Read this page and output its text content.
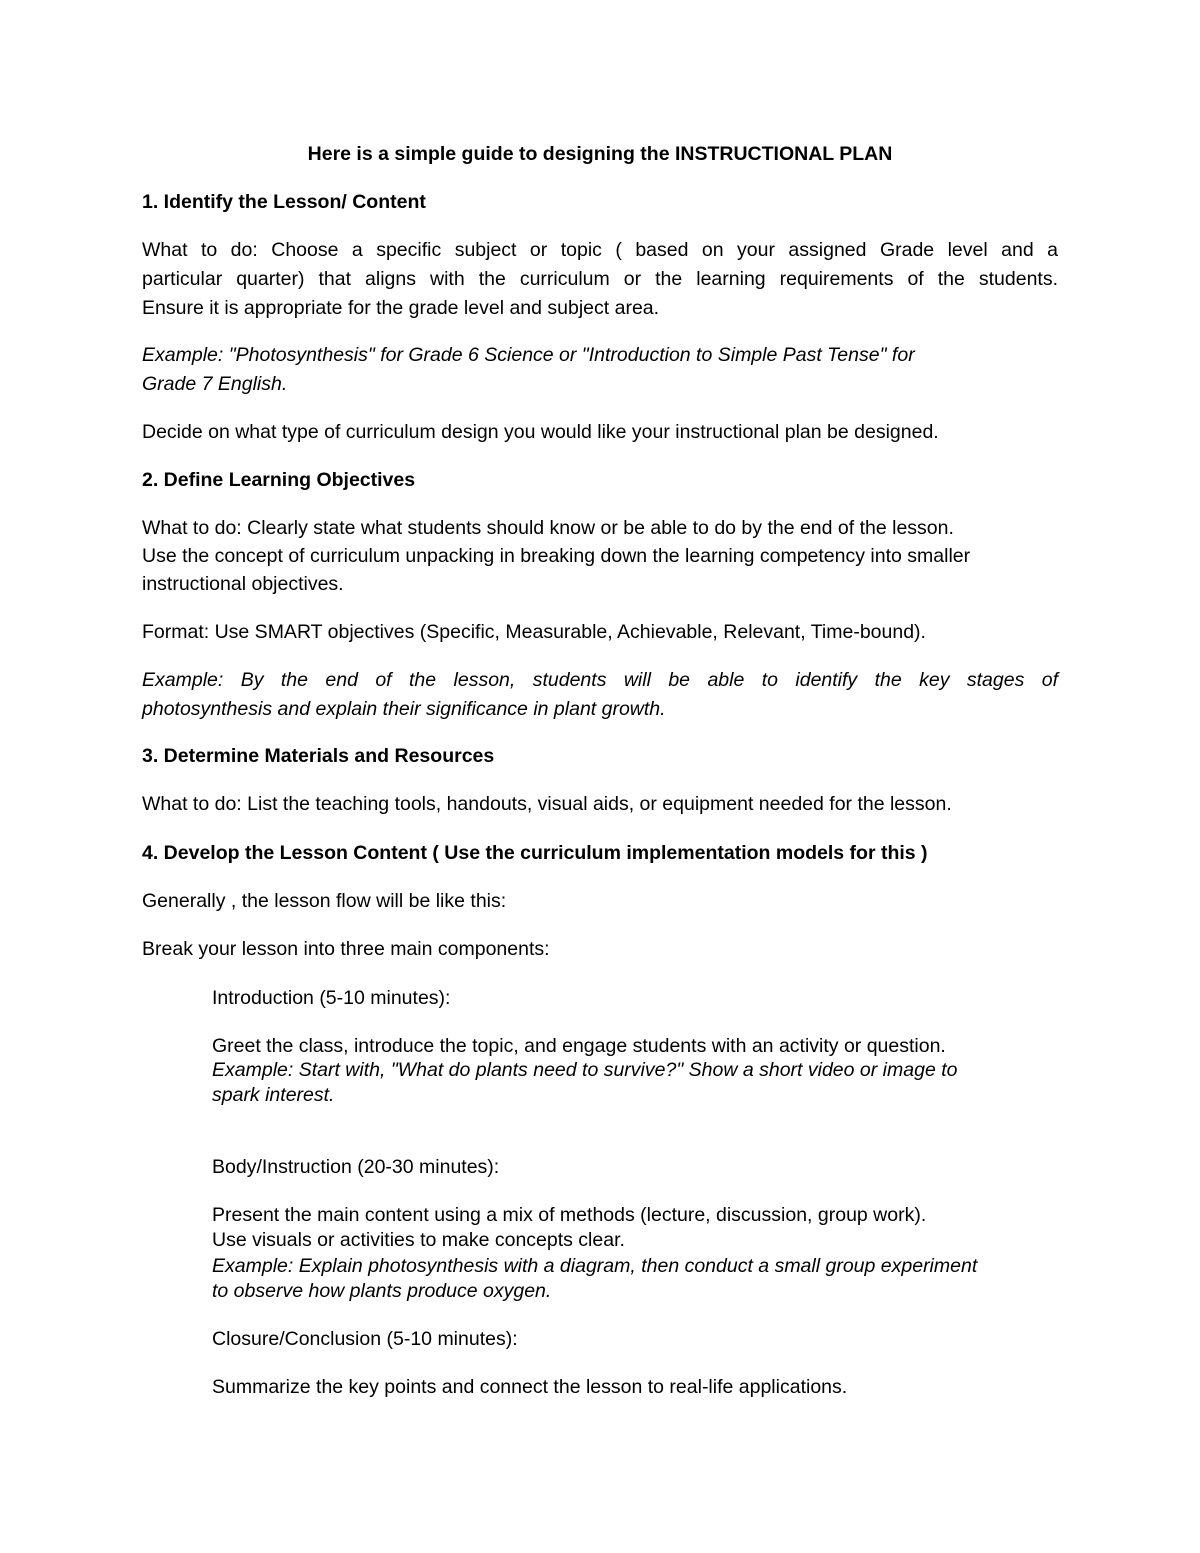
Here is a simple guide to designing the INSTRUCTIONAL PLAN
1. Identify the Lesson/ Content
What to do: Choose a specific subject or topic ( based on your assigned Grade level and a
particular quarter) that aligns with the curriculum or the learning requirements of the students.
Ensure it is appropriate for the grade level and subject area.
Example: "Photosynthesis" for Grade 6 Science or "Introduction to Simple Past Tense" for
Grade 7 English.
Decide on what type of curriculum design you would like your instructional plan be designed.
2. Define Learning Objectives
What to do: Clearly state what students should know or be able to do by the end of the lesson.
Use the concept of curriculum unpacking in breaking down the learning competency into smaller
instructional objectives.
Format: Use SMART objectives (Specific, Measurable, Achievable, Relevant, Time-bound).
Example: By the end of the lesson, students will be able to identify the key stages of
photosynthesis and explain their significance in plant growth.
3. Determine Materials and Resources
What to do: List the teaching tools, handouts, visual aids, or equipment needed for the lesson.
4. Develop the Lesson Content ( Use the curriculum implementation models for this )
Generally , the lesson flow will be like this:
Break your lesson into three main components:
Introduction (5-10 minutes):
Greet the class, introduce the topic, and engage students with an activity or question.
Example: Start with, "What do plants need to survive?" Show a short video or image to
spark interest.
Body/Instruction (20-30 minutes):
Present the main content using a mix of methods (lecture, discussion, group work).
Use visuals or activities to make concepts clear.
Example: Explain photosynthesis with a diagram, then conduct a small group experiment
to observe how plants produce oxygen.
Closure/Conclusion (5-10 minutes):
Summarize the key points and connect the lesson to real-life applications.
